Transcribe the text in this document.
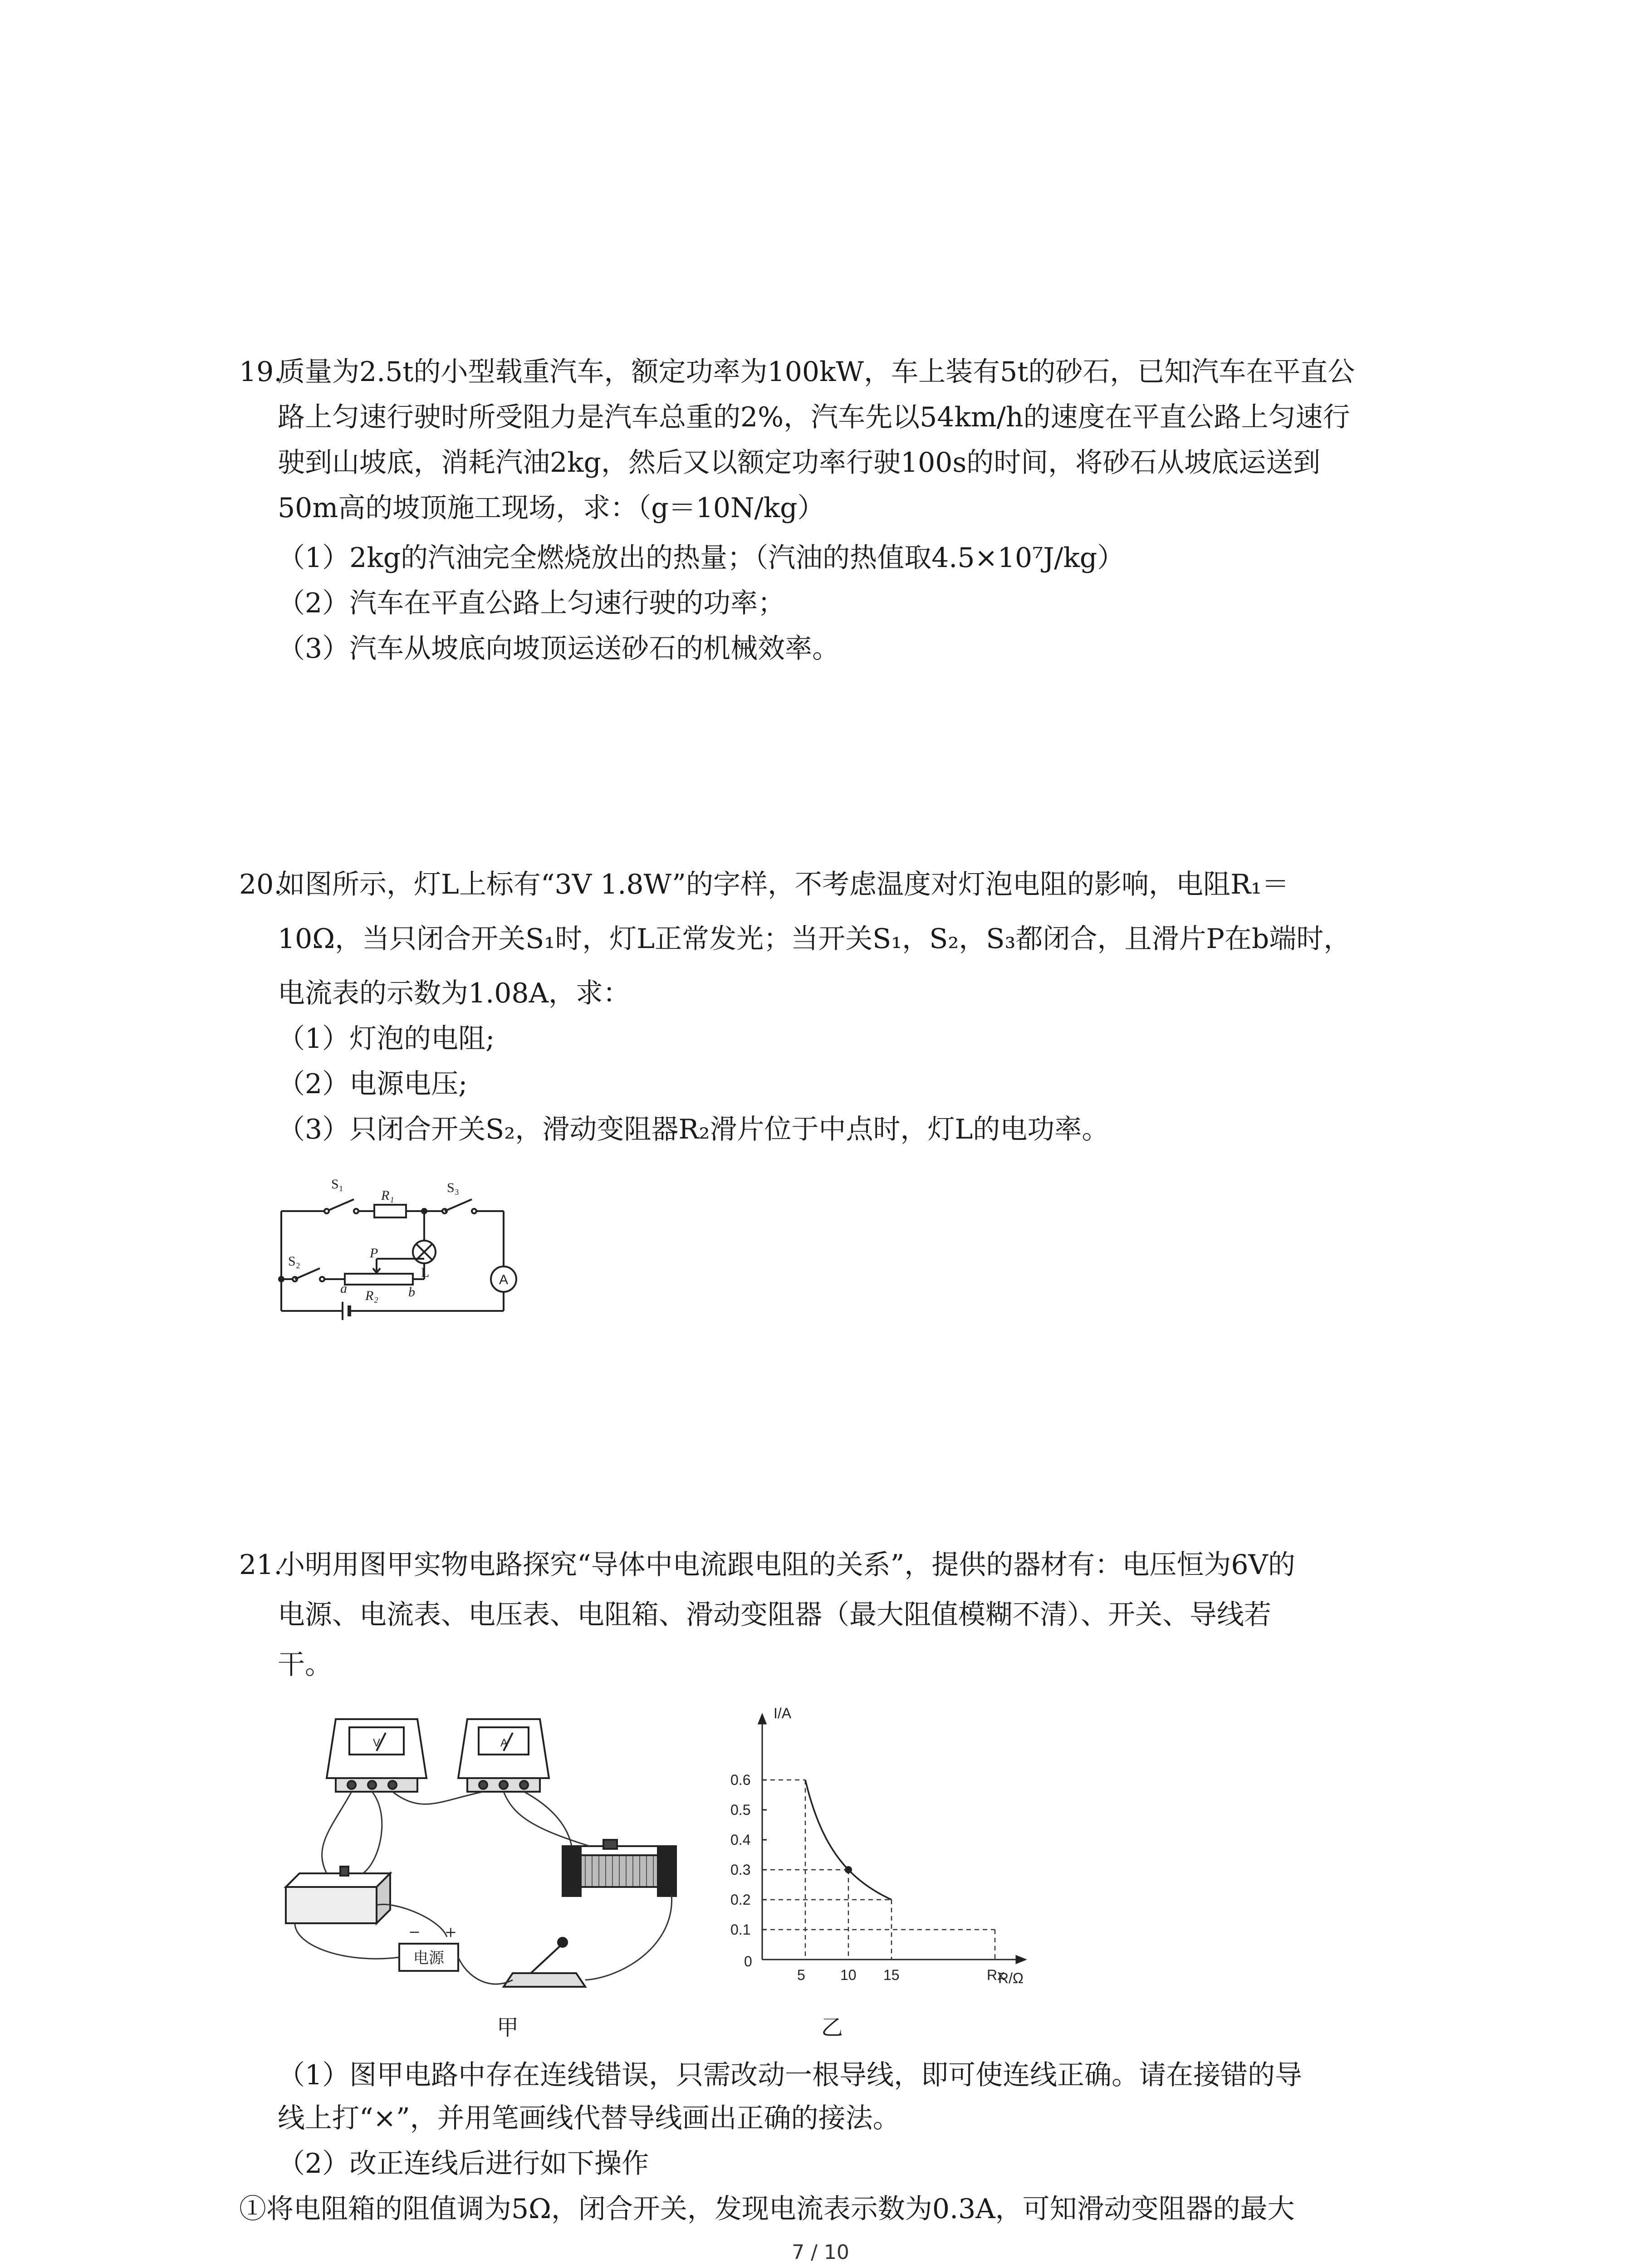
19.
质量为2.5t的小型载重汽车，额定功率为100kW，车上装有5t的砂石，已知汽车在平直公
路上匀速行驶时所受阻力是汽车总重的2%，汽车先以54km/h的速度在平直公路上匀速行
驶到山坡底，消耗汽油2kg，然后又以额定功率行驶100s的时间，将砂石从坡底运送到
50m高的坡顶施工现场，求：（g＝10N/kg）
（1）2kg的汽油完全燃烧放出的热量；（汽油的热值取4.5×10⁷J/kg）
（2）汽车在平直公路上匀速行驶的功率；
（3）汽车从坡底向坡顶运送砂石的机械效率。
20.
如图所示，灯L上标有“3V 1.8W”的字样，不考虑温度对灯泡电阻的影响，电阻R₁＝
10Ω，当只闭合开关S₁时，灯L正常发光；当开关S₁，S₂，S₃都闭合，且滑片P在b端时，
电流表的示数为1.08A，求：
（1）灯泡的电阻;
（2）电源电压;
（3）只闭合开关S₂，滑动变阻器R₂滑片位于中点时，灯L的电功率。
S₁
R₁
S₃
S₂
P
L	A
R₂
a	b
21.
小明用图甲实物电路探究“导体中电流跟电阻的关系”，提供的器材有：电压恒为6V的
电源、电流表、电压表、电阻箱、滑动变阻器（最大阻值模糊不清）、开关、导线若
干。
V	A
电源
− +
甲
0.1
0.2
0.3
0.4
0.5
0.6
5 10 15	Rx
I/A
R/Ω
0
乙
（1）图甲电路中存在连线错误，只需改动一根导线，即可使连线正确。请在接错的导
线上打“×”，并用笔画线代替导线画出正确的接法。
（2）改正连线后进行如下操作
①将电阻箱的阻值调为5Ω，闭合开关，发现电流表示数为0.3A，可知滑动变阻器的最大
7 / 10
